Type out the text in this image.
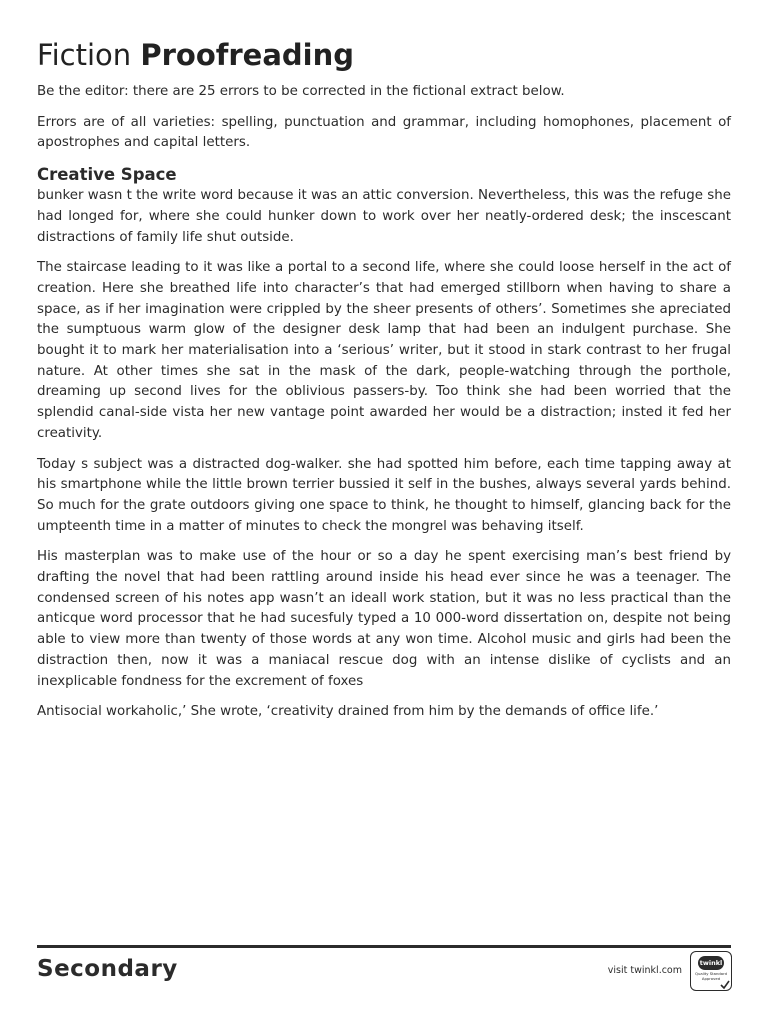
Fiction Proofreading

Be the editor: there are 25 errors to be corrected in the fictional extract below.

Errors are of all varieties: spelling, punctuation and grammar, including homophones, placement of apostrophes and capital letters.

Creative Space

bunker wasn t the write word because it was an attic conversion. Nevertheless, this was the refuge she had longed for, where she could hunker down to work over her neatly-ordered desk; the inscescant distractions of family life shut outside.

The staircase leading to it was like a portal to a second life, where she could loose herself in the act of creation. Here she breathed life into character’s that had emerged stillborn when having to share a space, as if her imagination were crippled by the sheer presents of others’. Sometimes she apreciated the sumptuous warm glow of the designer desk lamp that had been an indulgent purchase. She bought it to mark her materialisation into a ‘serious’ writer, but it stood in stark contrast to her frugal nature. At other times she sat in the mask of the dark, people-watching through the porthole, dreaming up second lives for the oblivious passers-by. Too think she had been worried that the splendid canal-side vista her new vantage point awarded her would be a distraction; insted it fed her creativity.

Today s subject was a distracted dog-walker. she had spotted him before, each time tapping away at his smartphone while the little brown terrier bussied it self in the bushes, always several yards behind. So much for the grate outdoors giving one space to think, he thought to himself, glancing back for the umpteenth time in a matter of minutes to check the mongrel was behaving itself.

His masterplan was to make use of the hour or so a day he spent exercising man’s best friend by drafting the novel that had been rattling around inside his head ever since he was a teenager. The condensed screen of his notes app wasn’t an ideall work station, but it was no less practical than the anticque word processor that he had sucesfuly typed a 10 000-word dissertation on, despite not being able to view more than twenty of those words at any won time. Alcohol music and girls had been the distraction then, now it was a maniacal rescue dog with an intense dislike of cyclists and an inexplicable fondness for the excrement of foxes

Antisocial workaholic,’ She wrote, ‘creativity drained from him by the demands of office life.’

Secondary	visit twinkl.com
twinkl
Quality Standard Approved
